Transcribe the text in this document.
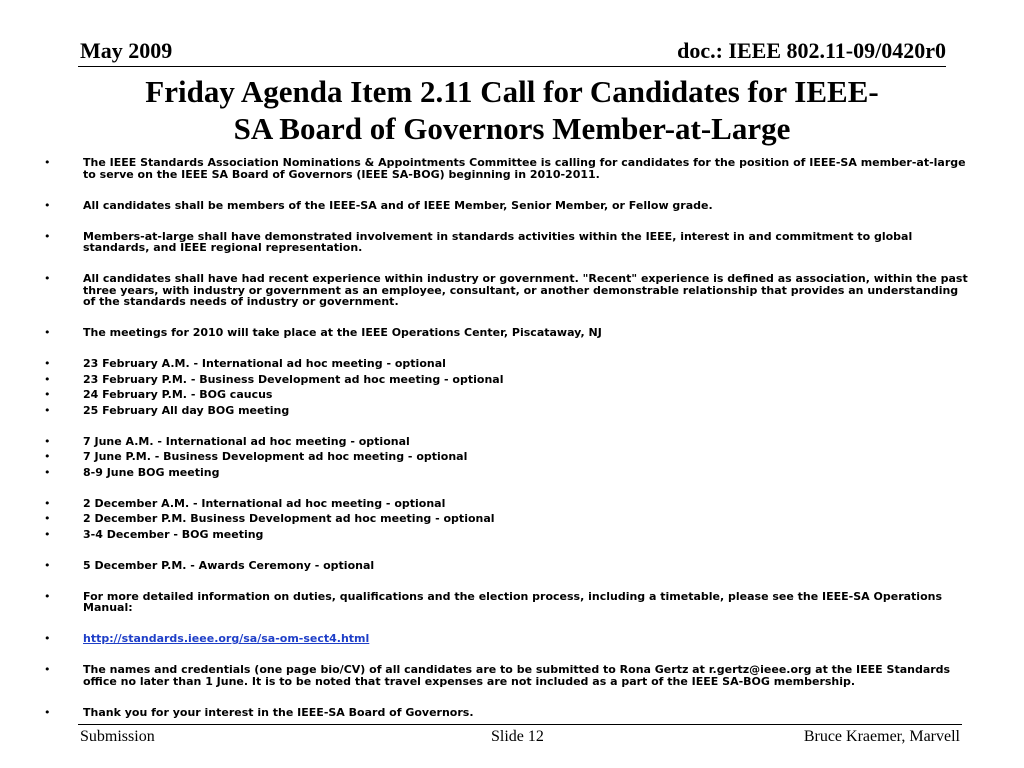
May 2009	doc.: IEEE 802.11-09/0420r0
Friday Agenda Item 2.11 Call for Candidates for IEEE-
SA Board of Governors Member-at-Large
•	The IEEE Standards Association Nominations & Appointments Committee is calling for candidates for the position of IEEE-SA member-at-large to serve on the IEEE SA Board of Governors (IEEE SA-BOG) beginning in 2010-2011.
•	All candidates shall be members of the IEEE-SA and of IEEE Member, Senior Member, or Fellow grade.
•	Members-at-large shall have demonstrated involvement in standards activities within the IEEE, interest in and commitment to global standards, and IEEE regional representation.
•	All candidates shall have had recent experience within industry or government. "Recent" experience is defined as association, within the past three years, with industry or government as an employee, consultant, or another demonstrable relationship that provides an understanding of the standards needs of industry or government.
•	The meetings for 2010 will take place at the IEEE Operations Center, Piscataway, NJ
•	23 February A.M. - International ad hoc meeting - optional
•	23 February P.M. - Business Development ad hoc meeting - optional
•	24 February P.M. - BOG caucus
•	25 February All day BOG meeting
•	7 June A.M. - International ad hoc meeting - optional
•	7 June P.M. - Business Development ad hoc meeting - optional
•	8-9 June BOG meeting
•	2 December A.M. - International ad hoc meeting - optional
•	2 December P.M. Business Development ad hoc meeting - optional
•	3-4 December - BOG meeting
•	5 December P.M. - Awards Ceremony - optional
•	For more detailed information on duties, qualifications and the election process, including a timetable, please see the IEEE-SA Operations Manual:
•	http://standards.ieee.org/sa/sa-om-sect4.html
•	The names and credentials (one page bio/CV) of all candidates are to be submitted to Rona Gertz at r.gertz@ieee.org at the IEEE Standards office no later than 1 June. It is to be noted that travel expenses are not included as a part of the IEEE SA-BOG membership.
•	Thank you for your interest in the IEEE-SA Board of Governors.
Submission	Slide 12	Bruce Kraemer, Marvell
